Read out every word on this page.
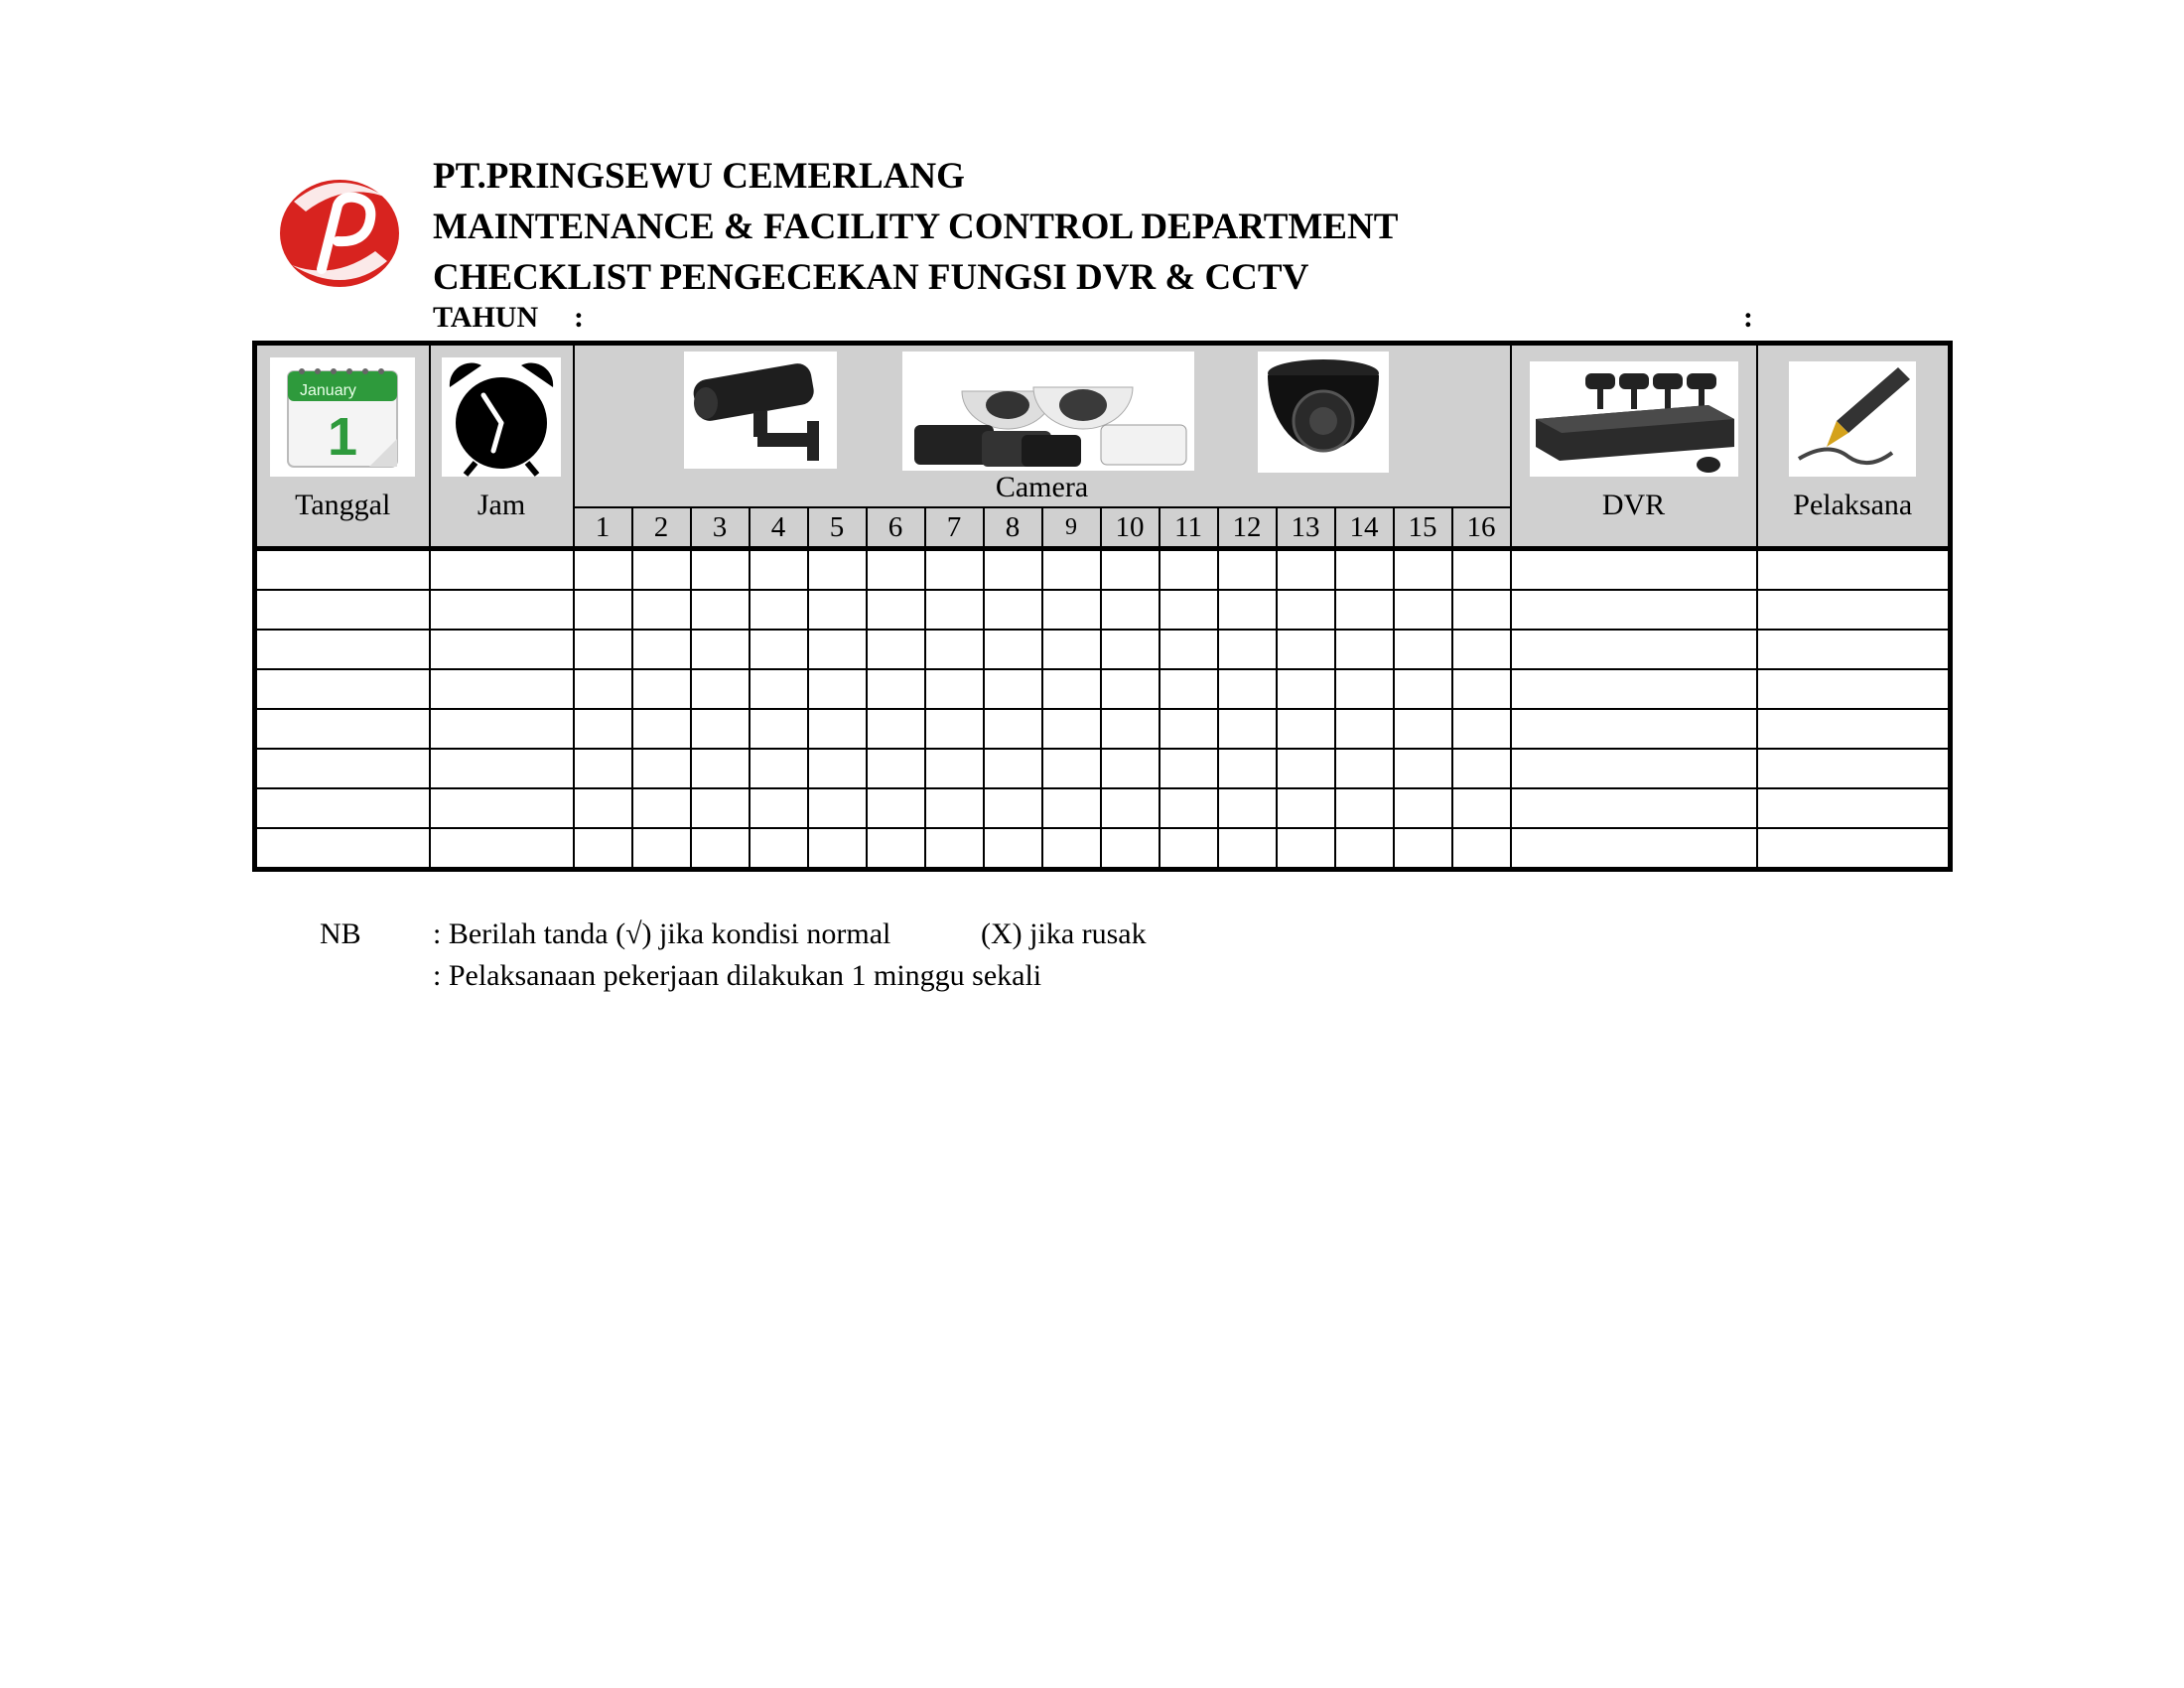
PT.PRINGSEWU CEMERLANG
MAINTENANCE & FACILITY CONTROL DEPARTMENT
CHECKLIST PENGECEKAN FUNGSI DVR & CCTV
TAHUN :	:
January
1
Tanggal	Jam	Camera																DVR	Pelaksana

		1	2	3	4	5	6	7	8	9	10	11	12	13	14	15	16		

NB : Berilah tanda (√) jika kondisi normal	(X) jika rusak
: Pelaksanaan pekerjaan dilakukan 1 minggu sekali
